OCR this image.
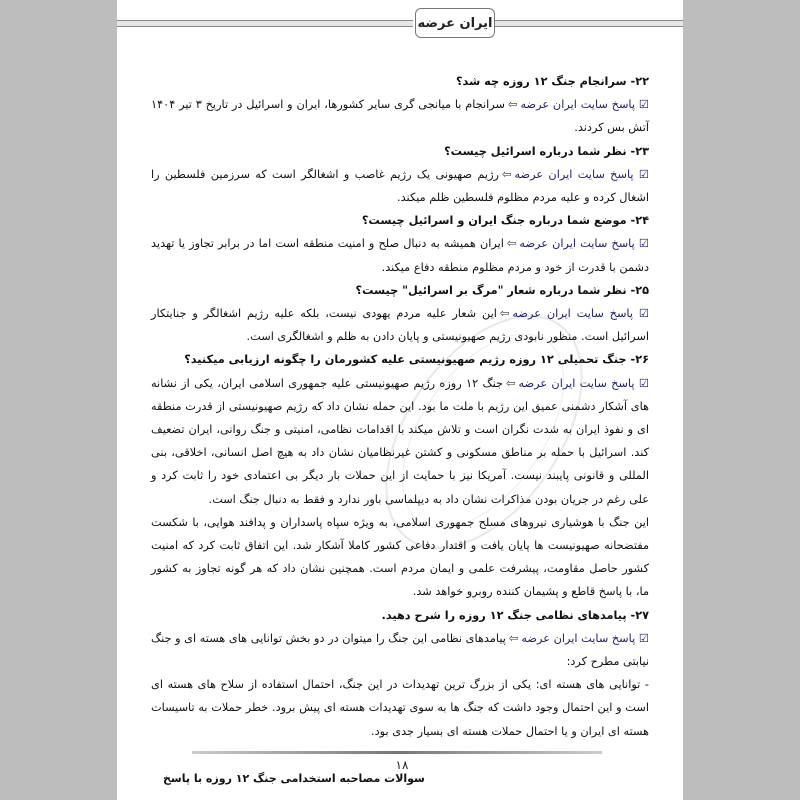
ایران عرضه

۲۲- سرانجام جنگ ۱۲ روزه چه شد؟

☑ پاسخ سایت ایران عرضه⇦سرانجام با میانجی گری سایر کشورها، ایران و اسرائیل در تاریخ ۳ تیر ۱۴۰۴ آتش بس کردند.

۲۳- نظر شما درباره اسرائیل چیست؟

☑ پاسخ سایت ایران عرضه⇦رژیم صهیونی یک رژیم غاصب و اشغالگر است که سرزمین فلسطین را اشغال کرده و علیه مردم مظلوم فلسطین ظلم میکند.

۲۴- موضع شما درباره جنگ ایران و اسرائیل چیست؟

☑ پاسخ سایت ایران عرضه⇦ایران همیشه به دنبال صلح و امنیت منطقه است اما در برابر تجاوز یا تهدید دشمن با قدرت از خود و مردم مظلوم منطقه دفاع میکند.

۲۵- نظر شما درباره شعار "مرگ بر اسرائیل" چیست؟

☑ پاسخ سایت ایران عرضه⇦این شعار علیه مردم یهودی نیست، بلکه علیه رژیم اشغالگر و جنایتکار اسرائیل است. منظور نابودی رژیم صهیونیستی و پایان دادن به ظلم و اشغالگری است.

۲۶- جنگ تحمیلی ۱۲ روزه رژیم صهیونیستی علیه کشورمان را چگونه ارزیابی میکنید؟

☑ پاسخ سایت ایران عرضه⇦جنگ ۱۲ روزه رژیم صهیونیستی علیه جمهوری اسلامی ایران، یکی از نشانه های آشکار دشمنی عمیق این رژیم با ملت ما بود. این حمله نشان داد که رژیم صهیونیستی از قدرت منطقه ای و نفوذ ایران به شدت نگران است و تلاش میکند با اقدامات نظامی، امنیتی و جنگ روانی، ایران تضعیف کند. اسرائیل با حمله بر مناطق مسکونی و کشتن غیرنظامیان نشان داد به هیچ اصل انسانی، اخلاقی، بنی المللی و قانونی پایبند نیست. آمریکا نیز با حمایت از این حملات بار دیگر بی اعتمادی خود را ثابت کرد و علی رغم در جریان بودن مذاکرات نشان داد به دیپلماسی باور ندارد و فقط به دنبال جنگ است.

این جنگ با هوشیاری نیروهای مسلح جمهوری اسلامی، به ویژه سپاه پاسداران و پدافند هوایی، با شکست مفتضحانه صهیونیست ها پایان یافت و اقتدار دفاعی کشور کاملا آشکار شد. این اتفاق ثابت کرد که امنیت کشور حاصل مقاومت، پیشرفت علمی و ایمان مردم است. همچنین نشان داد که هر گونه تجاوز به کشور ما، با پاسخ قاطع و پشیمان کننده روبرو خواهد شد.

۲۷- پیامدهای نظامی جنگ ۱۲ روزه را شرح دهید.

☑ پاسخ سایت ایران عرضه⇦پیامدهای نظامی این جنگ را میتوان در دو بخش توانایی های هسته ای و جنگ نیابتی مطرح کرد:

- توانایی های هسته ای: یکی از بزرگ ترین تهدیدات در این جنگ، احتمال استفاده از سلاح های هسته ای است و این احتمال وجود داشت که جنگ ها به سوی تهدیدات هسته ای پیش برود. خطر حملات به تاسیسات هسته ای ایران و یا احتمال حملات هسته ای بسیار جدی بود.

۱۸
سوالات مصاحبه استخدامی جنگ ۱۲ روزه با پاسخ
